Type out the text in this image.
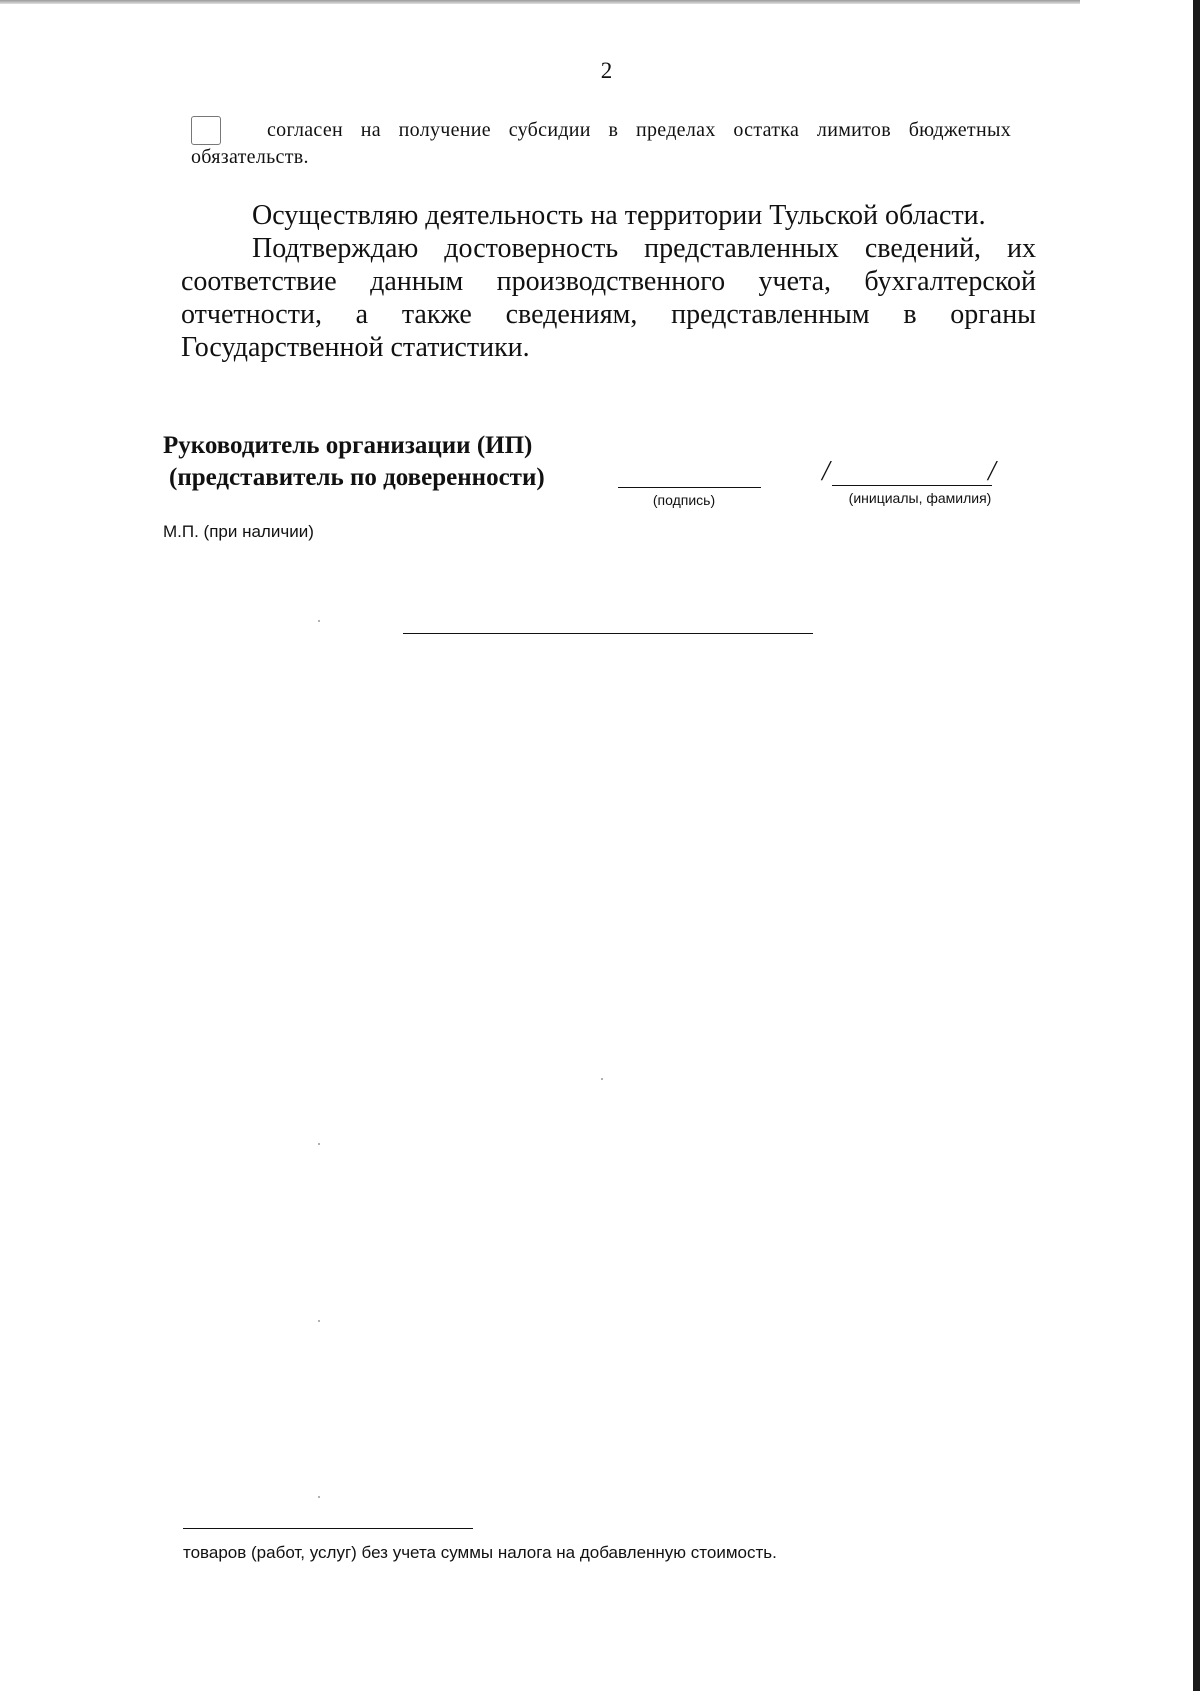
2
согласен на получение субсидии в пределах остатка лимитов бюджетных обязательств.

Осуществляю деятельность на территории Тульской области.

Подтверждаю достоверность представленных сведений, их соответствие данным производственного учета, бухгалтерской отчетности, а также сведениям, представленным в органы Государственной статистики.

Руководитель организации (ИП)
(представитель по доверенности)
(подпись)
/	/
(инициалы, фамилия)
М.П. (при наличии)
товаров (работ, услуг) без учета суммы налога на добавленную стоимость.
